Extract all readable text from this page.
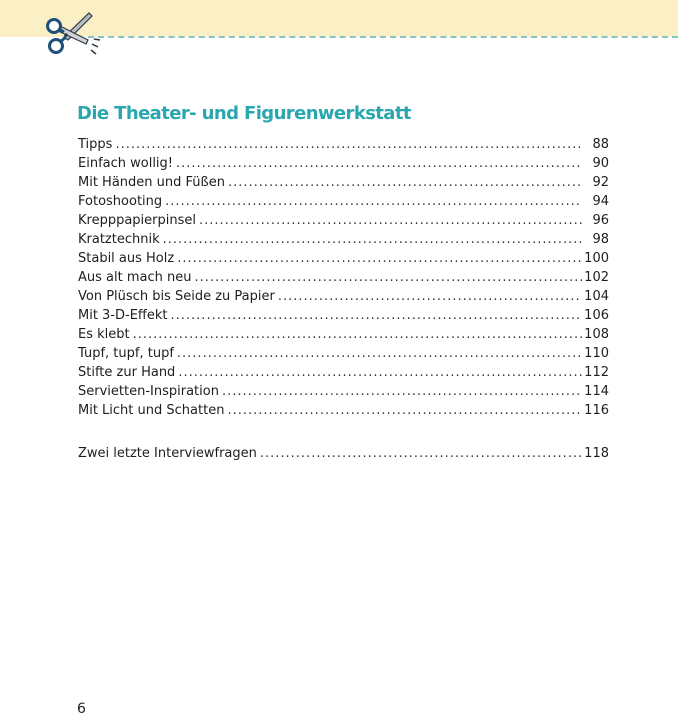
Die Theater- und Figurenwerkstatt
Tipps .....	88
Einfach wollig! .....	90
Mit Händen und Füßen .....	92
Fotoshooting .....	94
Krepppapierpinsel .....	96
Kratztechnik .....	98
Stabil aus Holz .....	100
Aus alt mach neu .....	102
Von Plüsch bis Seide zu Papier .....	104
Mit 3-D-Effekt .....	106
Es klebt .....	108
Tupf, tupf, tupf .....	110
Stifte zur Hand .....	112
Servietten-Inspiration .....	114
Mit Licht und Schatten .....	116
Zwei letzte Interviewfragen .....	118
6
